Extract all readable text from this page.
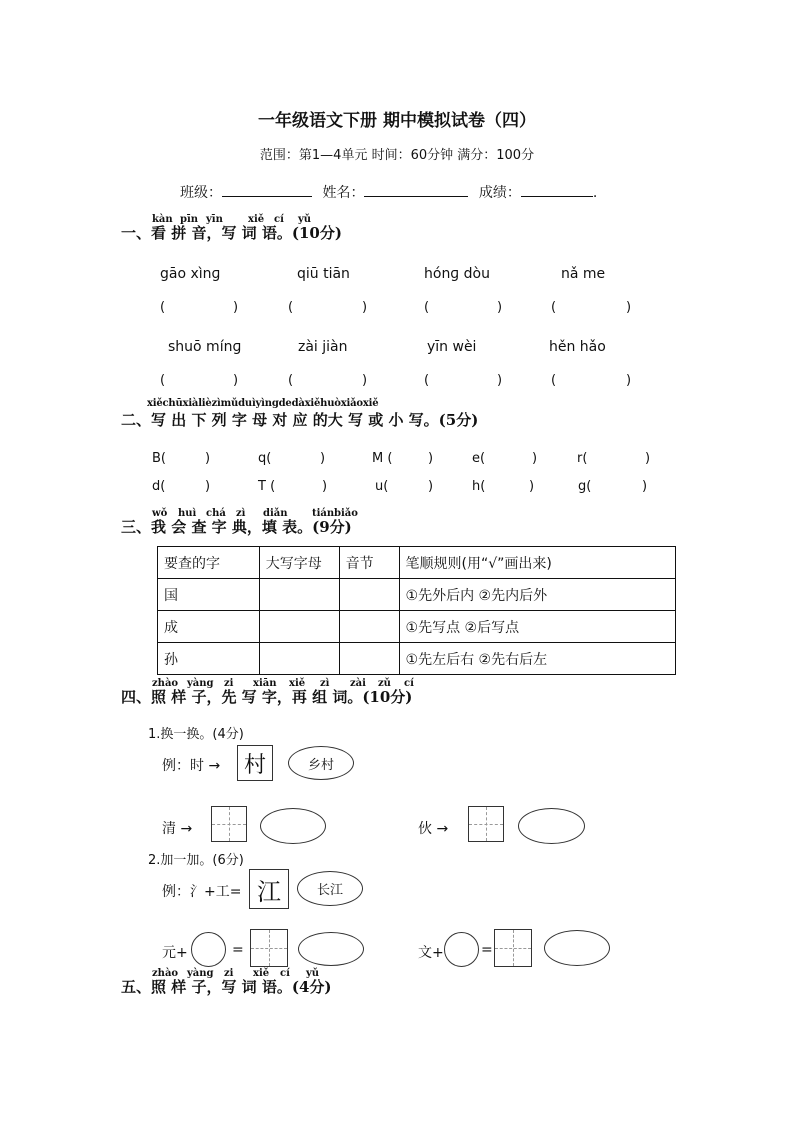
一年级语文下册 期中模拟试卷（四）
范围：第1—4单元 时间：60分钟 满分：100分
班级：	姓名：	成绩：	.
kàn pīn yīn	xiě cí yǔ
一、看 拼 音，写 词 语。(10分)
gāo xìnɡ	qiū tiān	hónɡ dòu	nǎ me
(	)	(	)	(	)	(	)
shuō mínɡ	zài jiàn	yīn wèi	hěn hǎo
(	)	(	)	(	)	(	)
xiěchūxiàlièzìmǔduìyìngdedàxiěhuòxiǎoxiě
二、写 出 下 列 字 母 对 应 的大 写 或 小 写。(5分)
B(	)	q(	)	M (	)	e(	)	r(	)
d(	)	T (	)	u(	)	h(	)	g(	)
wǒ huì chá zì diǎn tián biǎo
三、我 会 查 字 典，填 表。(9分)
要查的字	大写字母	音节	笔顺规则(用“√”画出来)
国			①先外后内 ②先内后外
成			①先写点 ②后写点
孙			①先左后右 ②先右后左
zhào yàng zi xiān xiě zì zài zǔ cí
四、照 样 子，先 写 字，再 组 词。(10分)
1.换一换。(4分)
例：时 → 村	乡村
清 →	伙 →
2.加一加。(6分)
例：氵+工= 江	长江
元+	=	文+	=
zhào yàng zi xiě cí yǔ
五、照 样 子，写 词 语。(4分)
